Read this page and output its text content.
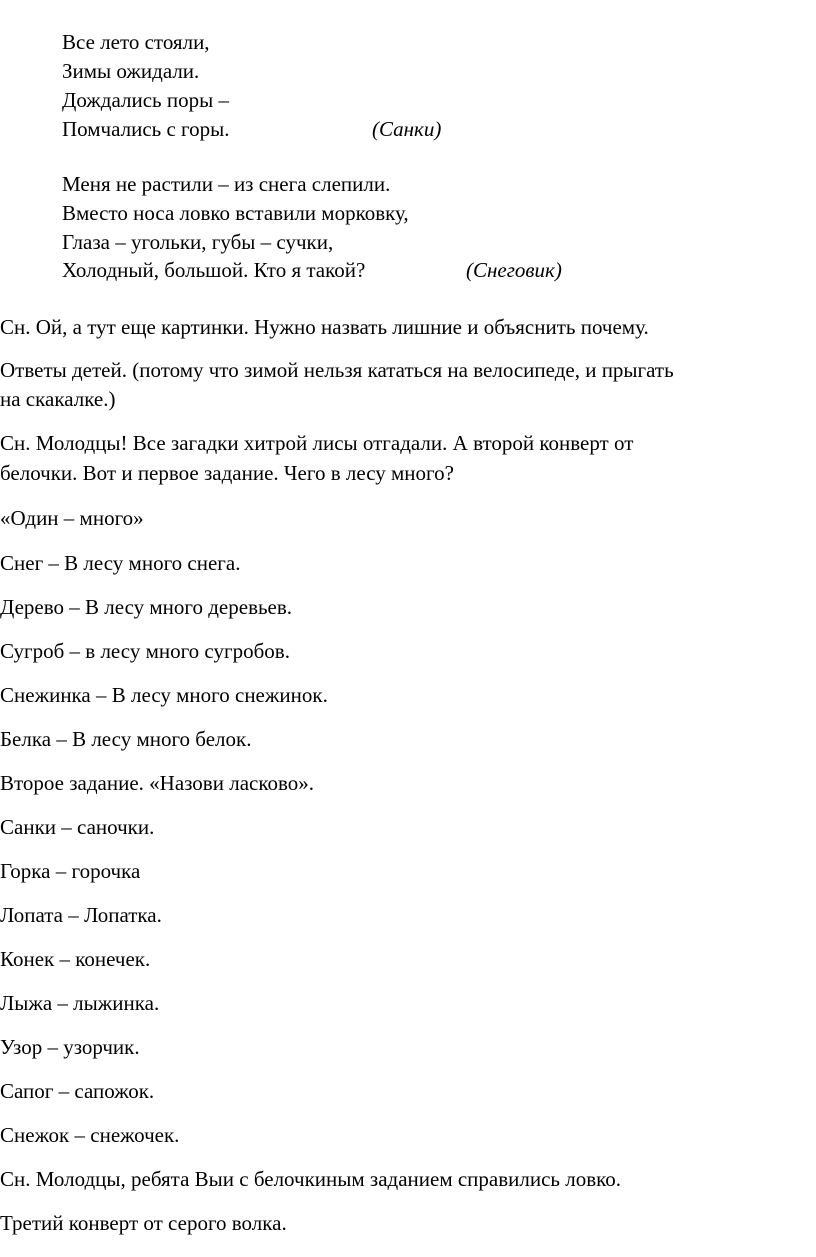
Все лето стояли,
Зимы ожидали.
Дождались поры –
Помчались с горы.	(Санки)
Меня не растили – из снега слепили.
Вместо носа ловко вставили морковку,
Глаза – угольки, губы – сучки,
Холодный, большой. Кто я такой?	(Снеговик)
Сн. Ой, а тут еще картинки. Нужно назвать лишние и объяснить почему.
Ответы детей. (потому что зимой нельзя кататься на велосипеде, и прыгать
на скакалке.)
Сн. Молодцы! Все загадки хитрой лисы отгадали. А второй конверт от
белочки. Вот и первое задание. Чего в лесу много?
«Один – много»
Снег – В лесу много снега.
Дерево – В лесу много деревьев.
Сугроб – в лесу много сугробов.
Снежинка – В лесу много снежинок.
Белка – В лесу много белок.
Второе задание. «Назови ласково».
Санки – саночки.
Горка – горочка
Лопата – Лопатка.
Конек – конечек.
Лыжа – лыжинка.
Узор – узорчик.
Сапог – сапожок.
Снежок – снежочек.
Сн. Молодцы, ребята Выи с белочкиным заданием справились ловко.
Третий конверт от серого волка.
